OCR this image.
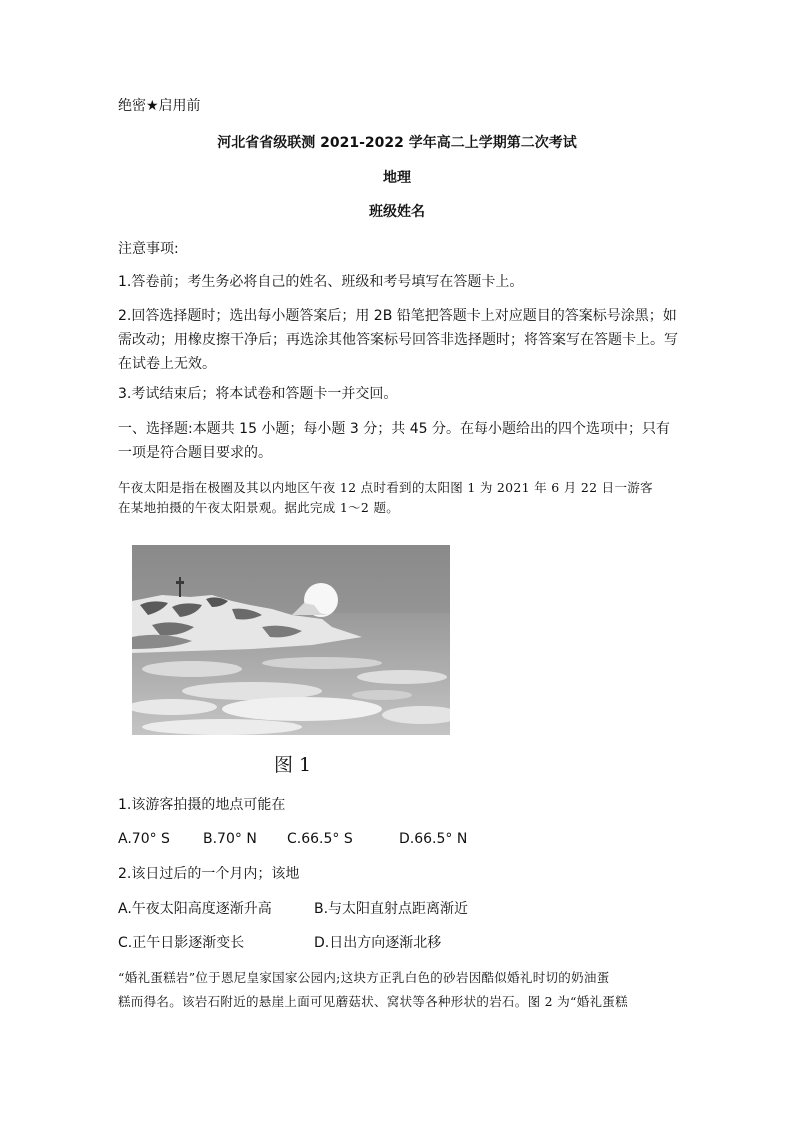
绝密★启用前
河北省省级联测 2021-2022 学年高二上学期第二次考试
地理
班级姓名
注意事项:
1.答卷前；考生务必将自己的姓名、班级和考号填写在答题卡上。
2.回答选择题时；选出每小题答案后；用 2B 铅笔把答题卡上对应题目的答案标号涂黑；如需改动；用橡皮擦干净后；再选涂其他答案标号回答非选择题时；将答案写在答题卡上。写在试卷上无效。
3.考试结束后；将本试卷和答题卡一并交回。
一、选择题:本题共 15 小题；每小题 3 分；共 45 分。在每小题给出的四个选项中；只有一项是符合题目要求的。
午夜太阳是指在极圈及其以内地区午夜 12 点时看到的太阳图 1 为 2021 年 6 月 22 日一游客
在某地拍摄的午夜太阳景观。据此完成 1～2 题。
图 1
1.该游客拍摄的地点可能在
A.70° S B.70° N C.66.5° S	D.66.5° N
2.该日过后的一个月内；该地
A.午夜太阳高度逐渐升高	B.与太阳直射点距离渐近
C.正午日影逐渐变长	D.日出方向逐渐北移
“婚礼蛋糕岩”位于恩尼皇家国家公园内;这块方正乳白色的砂岩因酷似婚礼时切的奶油蛋
糕而得名。该岩石附近的悬崖上面可见蘑菇状、窝状等各种形状的岩石。图 2 为“婚礼蛋糕
